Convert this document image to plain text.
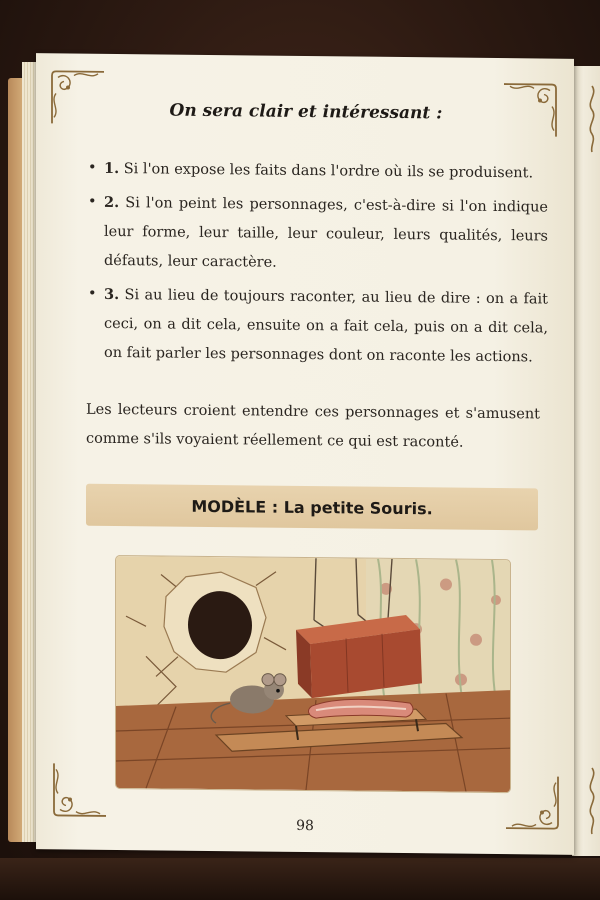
On sera clair et intéressant :
• 1. Si l'on expose les faits dans l'ordre où ils se produisent.
• 2. Si l'on peint les personnages, c'est-à-dire si l'on indique leur forme, leur taille, leur couleur, leurs qualités, leurs défauts, leur caractère.
• 3. Si au lieu de toujours raconter, au lieu de dire : on a fait ceci, on a dit cela, ensuite on a fait cela, puis on a dit cela, on fait parler les personnages dont on raconte les actions.
Les lecteurs croient entendre ces personnages et s'amusent comme s'ils voyaient réellement ce qui est raconté.
MODÈLE : La petite Souris.
98
